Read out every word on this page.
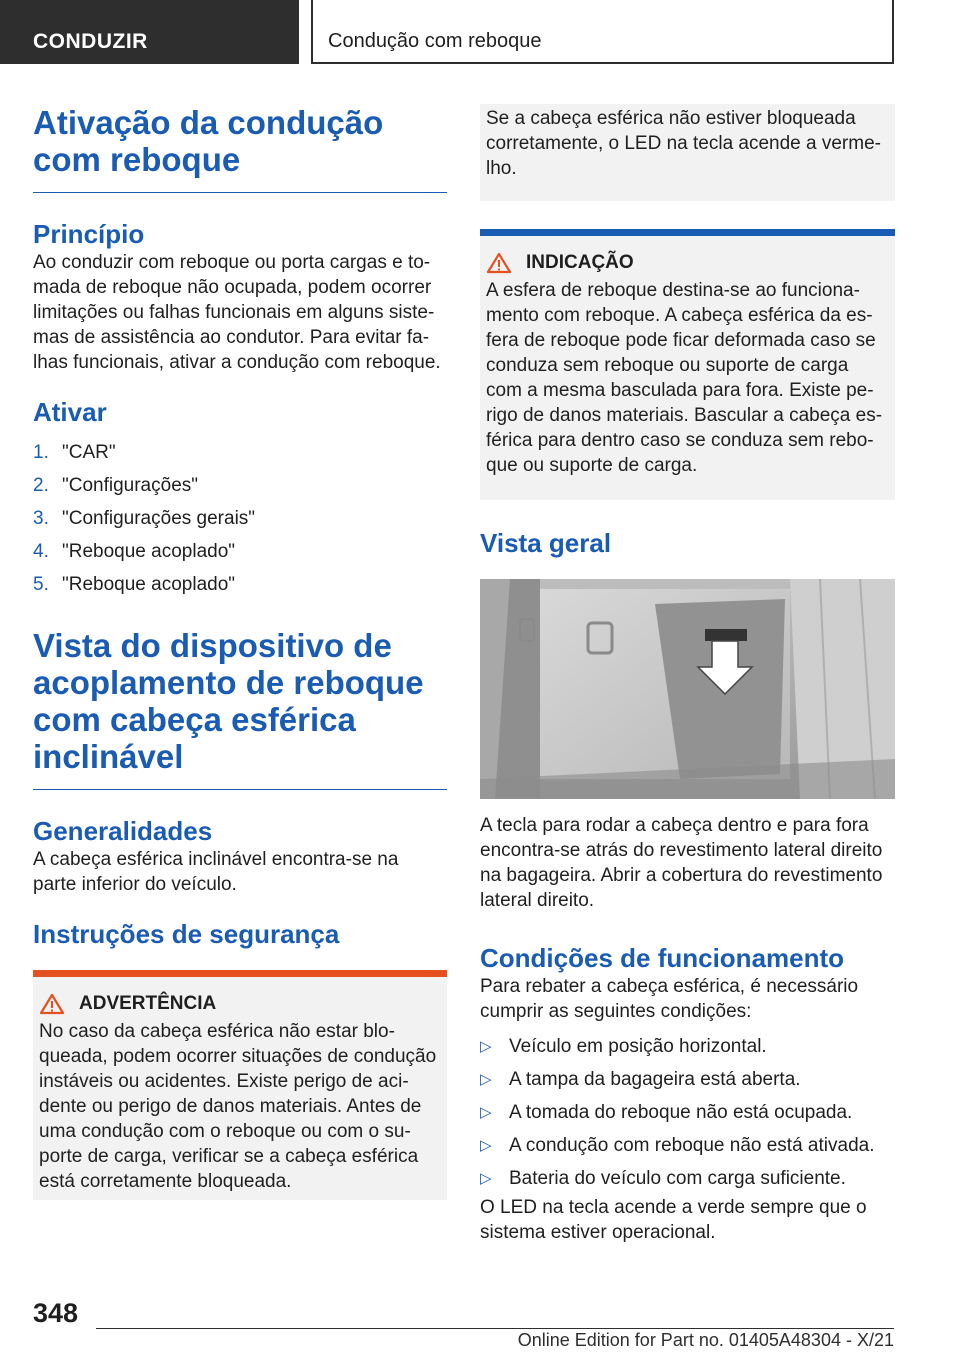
CONDUZIR	Condução com reboque
Ativação da condução com reboque
Princípio

Ao conduzir com reboque ou porta cargas e tomada de reboque não ocupada, podem ocorrer limitações ou falhas funcionais em alguns sistemas de assistência ao condutor. Para evitar falhas funcionais, ativar a condução com reboque.

Ativar
1. "CAR"
2. "Configurações"
3. "Configurações gerais"
4. "Reboque acoplado"
5. "Reboque acoplado"
Vista do dispositivo de acoplamento de reboque com cabeça esférica inclinável
Generalidades

A cabeça esférica inclinável encontra-se na parte inferior do veículo.

Instruções de segurança
ADVERTÊNCIA

No caso da cabeça esférica não estar bloqueada, podem ocorrer situações de condução instáveis ou acidentes. Existe perigo de acidente ou perigo de danos materiais. Antes de uma condução com o reboque ou com o suporte de carga, verificar se a cabeça esférica está corretamente bloqueada.

Se a cabeça esférica não estiver bloqueada corretamente, o LED na tecla acende a vermelho.

INDICAÇÃO

A esfera de reboque destina-se ao funcionamento com reboque. A cabeça esférica da esfera de reboque pode ficar deformada caso se conduza sem reboque ou suporte de carga com a mesma basculada para fora. Existe perigo de danos materiais. Bascular a cabeça esférica para dentro caso se conduza sem reboque ou suporte de carga.

Vista geral

A tecla para rodar a cabeça dentro e para fora encontra-se atrás do revestimento lateral direito na bagageira. Abrir a cobertura do revestimento lateral direito.

Condições de funcionamento

Para rebater a cabeça esférica, é necessário cumprir as seguintes condições:

▷ Veículo em posição horizontal.
▷ A tampa da bagageira está aberta.
▷ A tomada do reboque não está ocupada.
▷ A condução com reboque não está ativada.
▷ Bateria do veículo com carga suficiente.

O LED na tecla acende a verde sempre que o sistema estiver operacional.

348
Online Edition for Part no. 01405A48304 - X/21
